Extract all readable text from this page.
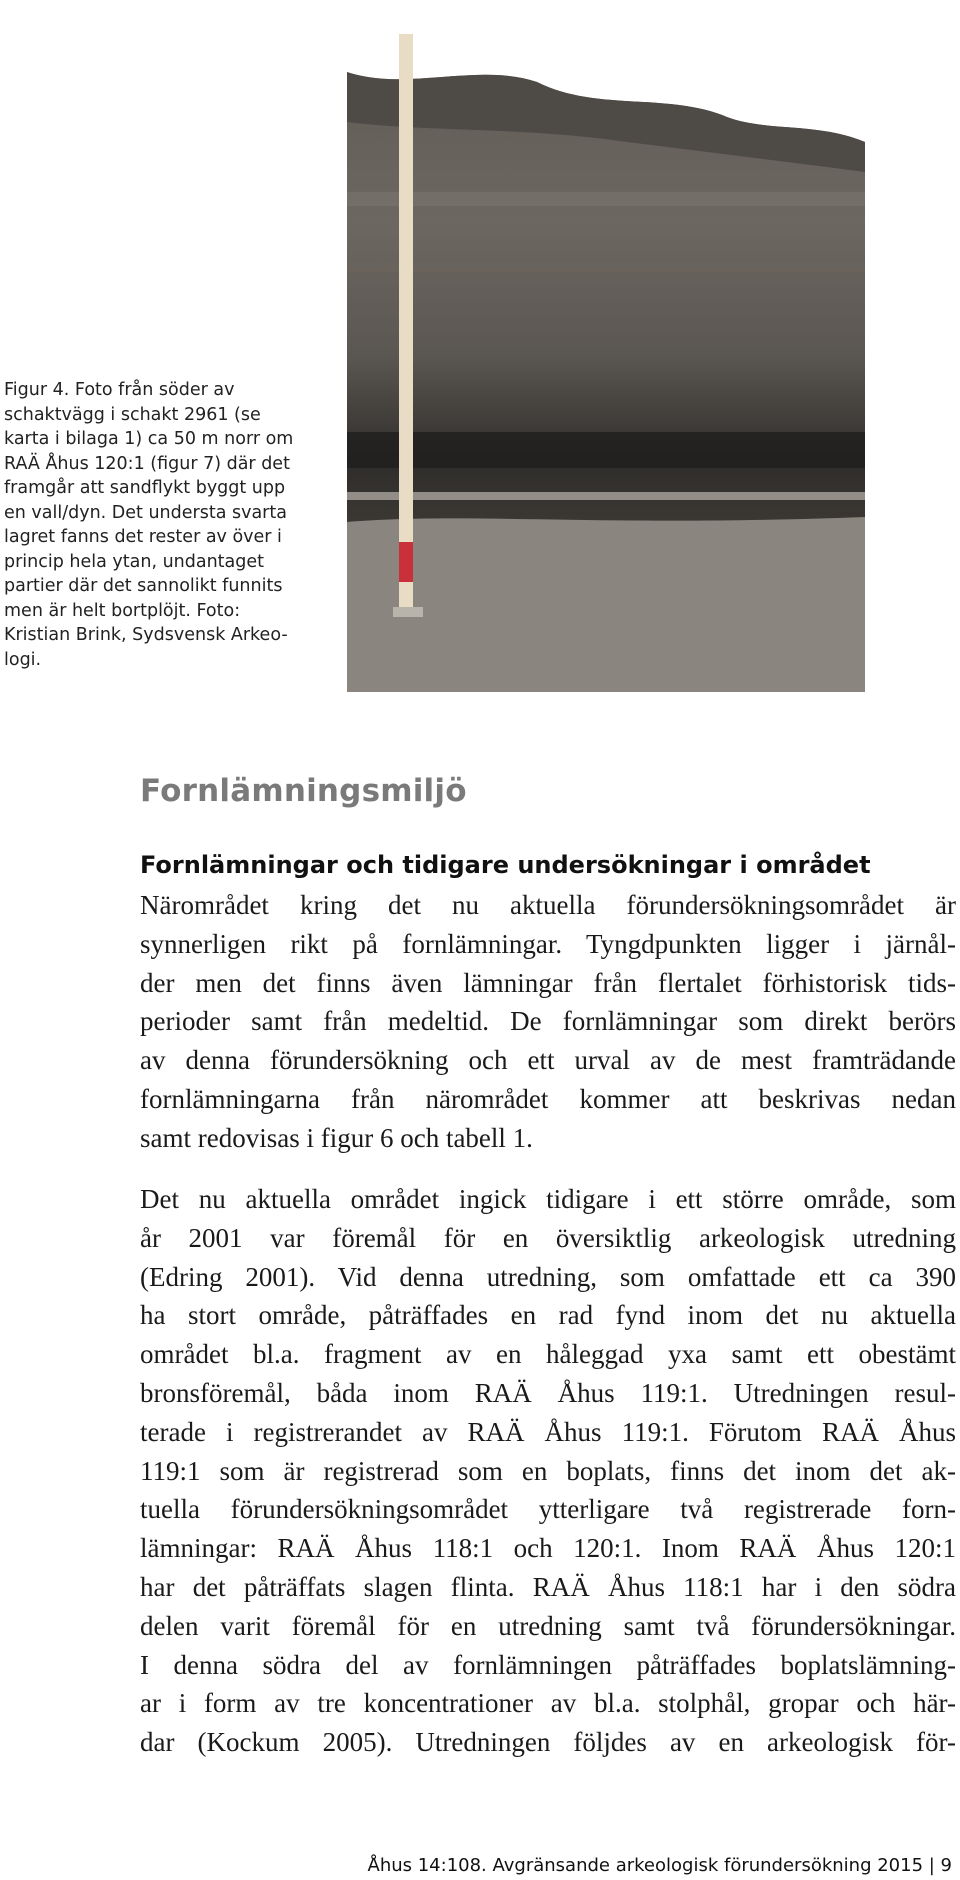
Figur 4. Foto från söder av
schaktvägg i schakt 2961 (se
karta i bilaga 1) ca 50 m norr om
RAÄ Åhus 120:1 (figur 7) där det
framgår att sandflykt byggt upp
en vall/dyn. Det understa svarta
lagret fanns det rester av över i
princip hela ytan, undantaget
partier där det sannolikt funnits
men är helt bortplöjt. Foto:
Kristian Brink, Sydsvensk Arkeo-
logi.

Fornlämningsmiljö
Fornlämningar och tidigare undersökningar i området

Närområdet kring det nu aktuella förundersökningsområdet är
synnerligen rikt på fornlämningar. Tyngdpunkten ligger i järnål-
der men det finns även lämningar från flertalet förhistorisk tids-
perioder samt från medeltid. De fornlämningar som direkt berörs
av denna förundersökning och ett urval av de mest framträdande
fornlämningarna från närområdet kommer att beskrivas nedan
samt redovisas i figur 6 och tabell 1.

Det nu aktuella området ingick tidigare i ett större område, som
år 2001 var föremål för en översiktlig arkeologisk utredning
(Edring 2001). Vid denna utredning, som omfattade ett ca 390
ha stort område, påträffades en rad fynd inom det nu aktuella
området bl.a. fragment av en håleggad yxa samt ett obestämt
bronsföremål, båda inom RAÄ Åhus 119:1. Utredningen resul-
terade i registrerandet av RAÄ Åhus 119:1. Förutom RAÄ Åhus
119:1 som är registrerad som en boplats, finns det inom det ak-
tuella förundersökningsområdet ytterligare två registrerade forn-
lämningar: RAÄ Åhus 118:1 och 120:1. Inom RAÄ Åhus 120:1
har det påträffats slagen flinta. RAÄ Åhus 118:1 har i den södra
delen varit föremål för en utredning samt två förundersökningar.
I denna södra del av fornlämningen påträffades boplatslämning-
ar i form av tre koncentrationer av bl.a. stolphål, gropar och här-
dar (Kockum 2005). Utredningen följdes av en arkeologisk för-

Åhus 14:108. Avgränsande arkeologisk förundersökning 2015 | 9
